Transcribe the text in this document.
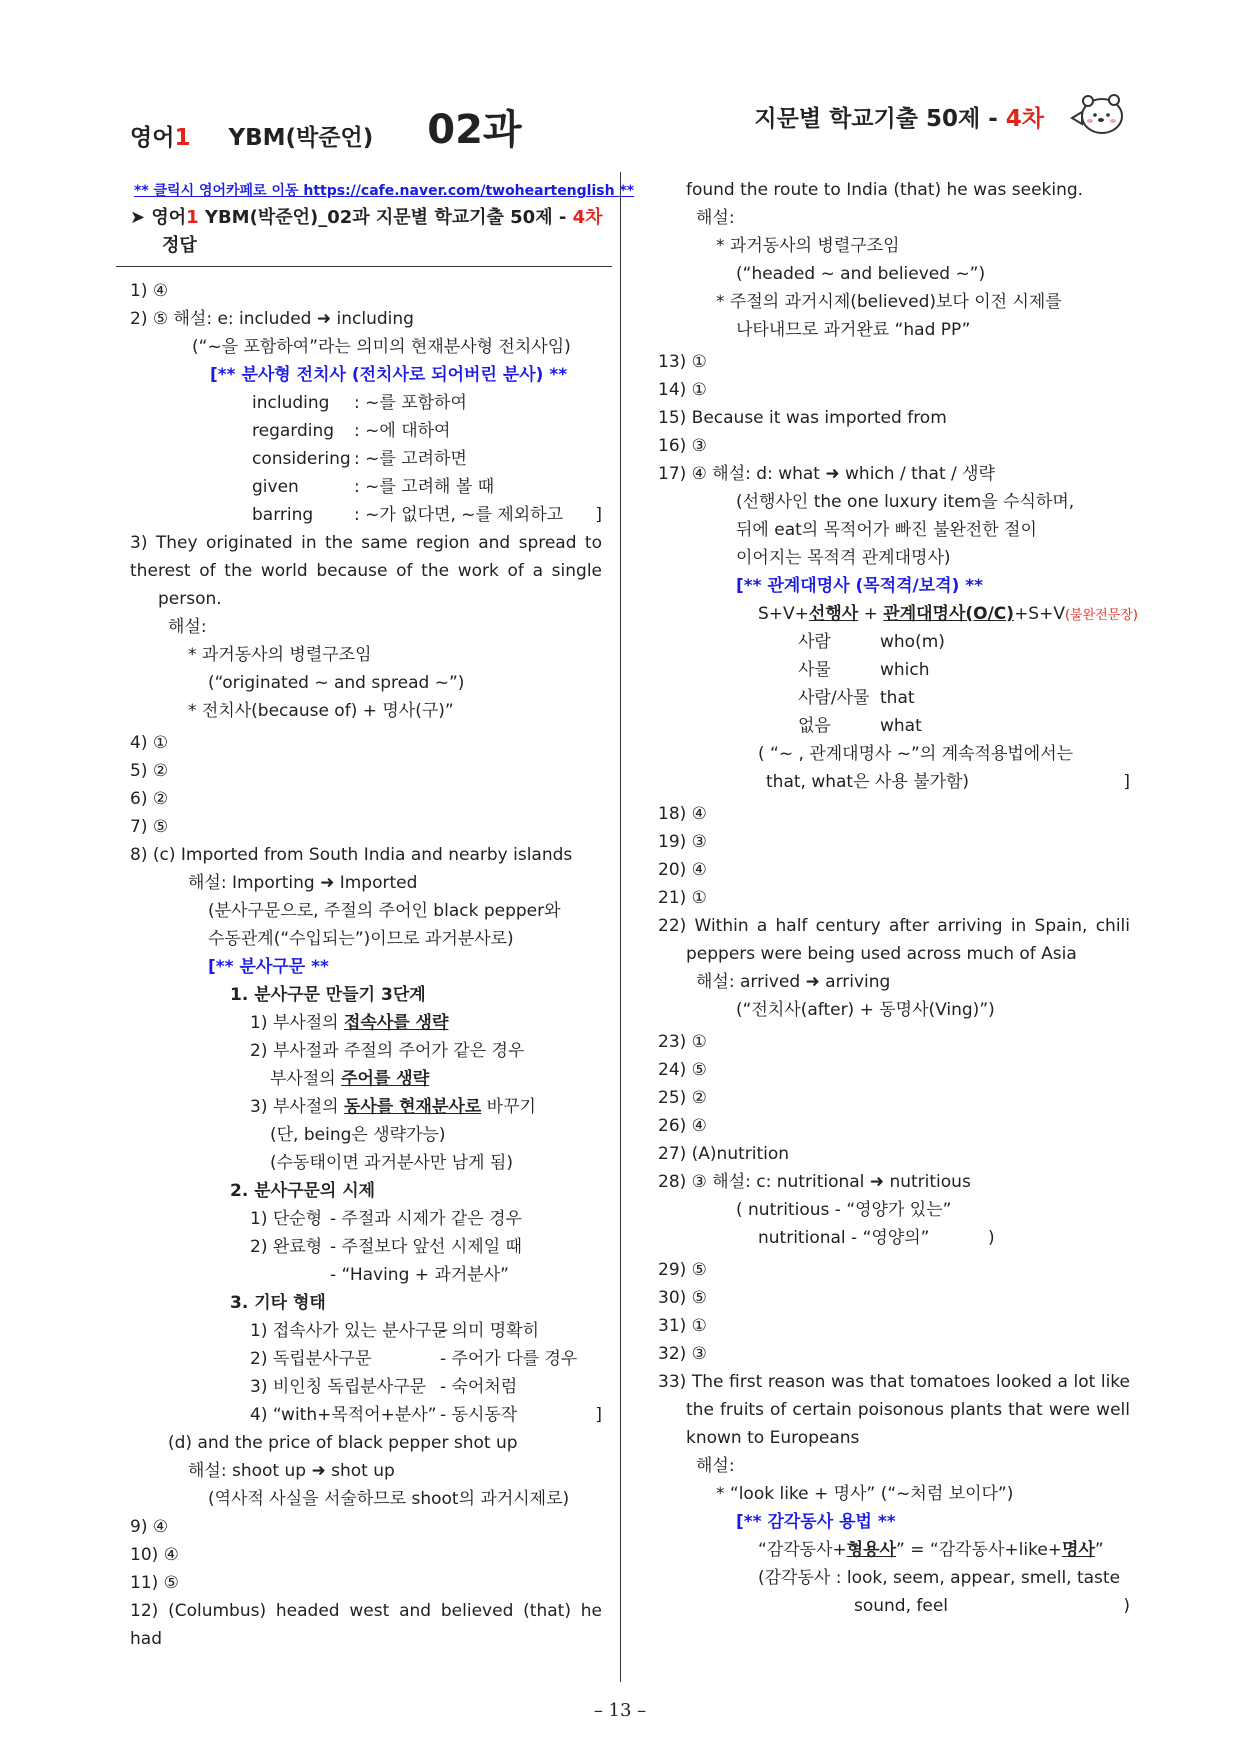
영어1 YBM(박준언) 02과	지문별 학교기출 50제 - 4차
** 클릭시 영어카페로 이동 https://cafe.naver.com/twoheartenglish **
➤ 영어1 YBM(박준언)_02과 지문별 학교기출 50제 - 4차
정답
1) ④
2) ⑤ 해설: e: included ➜ including
(“~을 포함하여”라는 의미의 현재분사형 전치사임)
[** 분사형 전치사 (전치사로 되어버린 분사) **
including : ~를 포함하여
regarding : ~에 대하여
considering : ~를 고려하면
given	: ~를 고려해 볼 때
barring : ~가 없다면, ~를 제외하고 ]
3) They originated in the same region and spread to the rest of the world because of the work of a single
person.
해설:
* 과거동사의 병렬구조임
(“originated ~ and spread ~”)
* 전치사(because of) + 명사(구)”
4) ①
5) ②
6) ②
7) ⑤
8) (c) Imported from South India and nearby islands
해설: Importing ➜ Imported
(분사구문으로, 주절의 주어인 black pepper와
수동관계(“수입되는”)이므로 과거분사로)
[** 분사구문 **
1. 분사구문 만들기 3단계
1) 부사절의 접속사를 생략
2) 부사절과 주절의 주어가 같은 경우
부사절의 주어를 생략
3) 부사절의 동사를 현재분사로 바꾸기
(단, being은 생략가능)
(수동태이면 과거분사만 남게 됨)
2. 분사구문의 시제
1) 단순형 - 주절과 시제가 같은 경우
2) 완료형 - 주절보다 앞선 시제일 때
- “Having + 과거분사”
3. 기타 형태
1) 접속사가 있는 분사구문- 의미 명확히
2) 독립분사구문	- 주어가 다를 경우
3) 비인칭 독립분사구문 - 숙어처럼
4) “with+목적어+분사” - 동시동작	]
(d) and the price of black pepper shot up
해설: shoot up ➜ shot up
(역사적 사실을 서술하므로 shoot의 과거시제로)
9) ④
10) ④
11) ⑤
12) (Columbus) headed west and believed (that) he had
found the route to India (that) he was seeking.
해설:
* 과거동사의 병렬구조임
(“headed ~ and believed ~”)
* 주절의 과거시제(believed)보다 이전 시제를
나타내므로 과거완료 “had PP”
13) ①
14) ①
15) Because it was imported from
16) ③
17) ④ 해설: d: what ➜ which / that / 생략
(선행사인 the one luxury item을 수식하며,
뒤에 eat의 목적어가 빠진 불완전한 절이
이어지는 목적격 관계대명사)
[** 관계대명사 (목적격/보격) **
S+V+선행사 + 관계대명사(O/C)+S+V(불완전문장)
사람	who(m)
사물	which
사람/사물 that
없음	what
( “~ , 관계대명사 ~”의 계속적용법에서는
that, what은 사용 불가함)	]
18) ④
19) ③
20) ④
21) ①
22) Within a half century after arriving in Spain, chili
peppers were being used across much of Asia
해설: arrived ➜ arriving
(“전치사(after) + 동명사(Ving)”)
23) ①
24) ⑤
25) ②
26) ④
27) (A)nutrition
28) ③ 해설: c: nutritional ➜ nutritious
( nutritious - “영양가 있는”
nutritional - “영양의”	)
29) ⑤
30) ⑤
31) ①
32) ③
33) The first reason was that tomatoes looked a lot like
the fruits of certain poisonous plants that were well
known to Europeans
해설:
* “look like + 명사” (“~처럼 보이다”)
[** 감각동사 용법 **
“감각동사+형용사” = “감각동사+like+명사”
(감각동사 : look, seem, appear, smell, taste
sound, feel	)
– 13 –
